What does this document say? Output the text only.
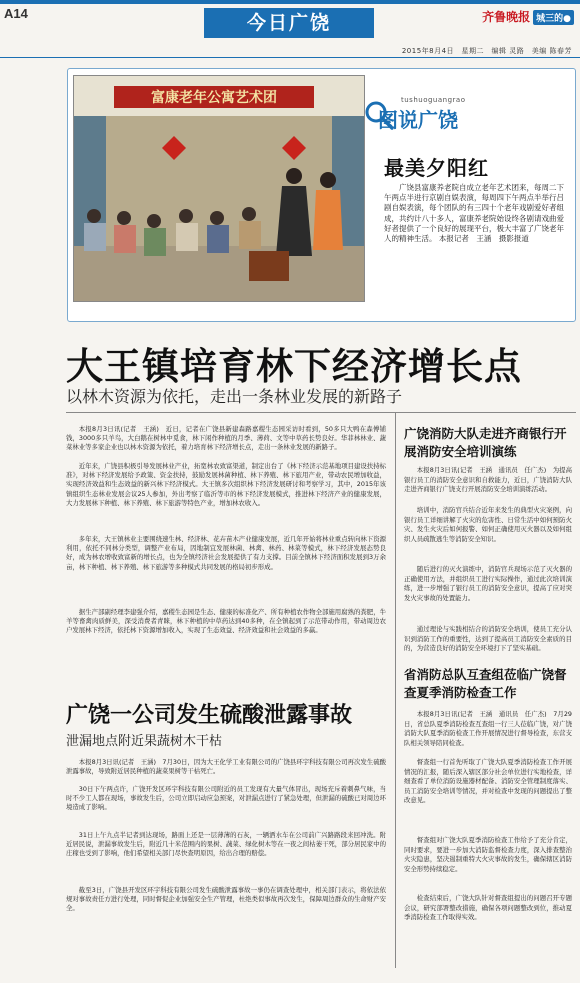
A14	今日广饶	齐鲁晚报 城三的●
2015年8月4日　星期二　编辑 灵路　美编 陈春芳
富康老年公寓艺术团	tushuoguangrao
图说广饶
最美夕阳红

广饶县富康养老院自成立老年艺术团来，每周二下午两点半进行京剧自娱表演，每周四下午两点半举行吕剧自娱表演，每个团队的有三四十个老年戏剧爱好者组成，共约计八十多人，富康养老院始设终各剧请戏曲爱好者提供了一个良好的展现平台，极大丰富了广饶老年人的精神生活。 本报记者　王涵　摄影报道

大王镇培育林下经济增长点
以林木资源为依托，走出一条林业发展的新路子

本报8月3日讯(记者　王涵)　近日，记者在广饶县新建森路嘉稷生态园采访时看到，50多只大鸭在森傅铺钱，3000多只羊鸟，大白鹅在树林中觅食，林下闲作种植的月季、薄荷、文等中草药长势良好。华菲林林业、蔬菜林业等多家企业也以林木资源为依托，着力培育林下经济增长点，走出一条林业发展的新路子。

近年来，广饶县积极引导发展林业产业，拓宽林农致富渠道，制定出台了《林下经济示范基地项目建设扶持标准》，对林下经济发展给予政策、资金扶持，鼓励发展林菌种植、林下养殖、林下旅用产业，带动农民增加收益，实现经济效益和生态效益的新兴林下经济模式。大王镇多次组织林下经济发展研讨和考察学习，其中，2015年该镇组织生态林业发展会议25人参加，外出考察了临沂等市的林下经济发展模式，推进林下经济产业的健康发展，大力发展林下种植、林下养殖、林下旅游等特色产业，增加林农收入。

多年来，大王镇林业主要围绕速生林、经济林、花卉苗木产业健康发展，近几年开始将林业重点转向林下资源利用，依托不同林分类型，调整产业布局，因地制宜发展林菌、林禽、林药、林菜等模式，林下经济发展态势良好，成为林农增收致富新的增长点，也为全镇经济社会发展提供了有力支撑。目前全镇林下经济面积发展到3万余亩，林下种植、林下养殖、林下旅游等多种模式共同发展的格局初步形成。

据生产部副经理李建强介绍，嘉稷生态园是生态、健康的标准化产、所有种植农作物全部施用腐熟的粪肥，牛羊等畜禽肉质鲜美，深受消费者青睐，林下种植的中草药达到40多种，在全镇起到了示范带动作用，带动周边农户发展林下经济，依托林下资源增加收入，实现了生态效益、经济效益和社会效益的多赢。

广饶一公司发生硫酸泄露事故
泄漏地点附近果蔬树木干枯

本报8月3日讯(记者　王涵)　7月30日，因为大王化学工业有限公司的广饶县环宇科技有限公司再次发生硫酸泄露事故，导致附近居民种植的蔬菜果树等干枯死亡。

30日下午两点许，广饶开发区环宇科技有限公司附近的员工发现有大量气体冒出，现场充斥着刺鼻气味，当时不少工人都在现场，事故发生后，公司立即启动应急预案，对泄漏点进行了紧急处理，但泄漏的硫酸已对周边环境造成了影响。

31日上午九点半记者到达现场，路面上还是一层薄薄的石灰，一辆洒水车在公司前广兴路路段来回冲洗。附近居民说，泄漏事故发生后，附近几十米范围内的果树、蔬菜、绿化树木等在一夜之间枯萎干死，部分居民家中的庄稼也受到了影响，他们希望相关部门尽快查明原因，给出合理的赔偿。

截至3日，广饶县开发区环宇科技有限公司发生硫酸泄露事故一事仍在调查处理中，相关部门表示，将依法依规对事故责任方进行处理，同时督促企业加强安全生产管理，杜绝类似事故再次发生，保障周边群众的生命财产安全。

广饶消防大队走进齐商银行开展消防安全培训演练

本报8月3日讯(记者　王涵　通讯员　任广杰)　为提高银行员工的消防安全意识和自救能力，近日，广饶消防大队走进齐商银行广饶支行开展消防安全培训演练活动。

培训中，消防官兵结合近年来发生的典型火灾案例，向银行员工详细讲解了火灾的危害性、日常生活中如何预防火灾、发生火灾后如何报警、如何正确使用灭火器以及如何组织人员疏散逃生等消防安全知识。

随后进行的灭火演练中，消防官兵现场示范了灭火器的正确使用方法，并组织员工进行实际操作，通过此次培训演练，进一步增强了银行员工的消防安全意识，提高了应对突发火灾事故的处置能力。

通过理论与实践相结合的消防安全培训，使员工充分认识到消防工作的重要性，达到了提高员工消防安全素质的目的，为营造良好的消防安全环境打下了坚实基础。

省消防总队互查组莅临广饶督查夏季消防检查工作

本报8月3日讯(记者　王涵　通讯员　任广杰)　7月29日，省总队夏季消防检查互查组一行三人莅临广饶，对广饶消防大队夏季消防检查工作开展情况进行督导检查，东营支队相关领导陪同检查。

督查组一行首先听取了广饶大队夏季消防检查工作开展情况的汇报，随后深入辖区部分社会单位进行实地检查，详细查看了单位消防设施器材配备、消防安全管理制度落实、员工消防安全培训等情况，并对检查中发现的问题提出了整改意见。

督查组对广饶大队夏季消防检查工作给予了充分肯定，同时要求，要进一步加大消防监督检查力度，深入排查整治火灾隐患，坚决遏制重特大火灾事故的发生，确保辖区消防安全形势持续稳定。

检查结束后，广饶大队针对督查组提出的问题召开专题会议，研究部署整改措施，确保各项问题整改到位，推动夏季消防检查工作取得实效。
